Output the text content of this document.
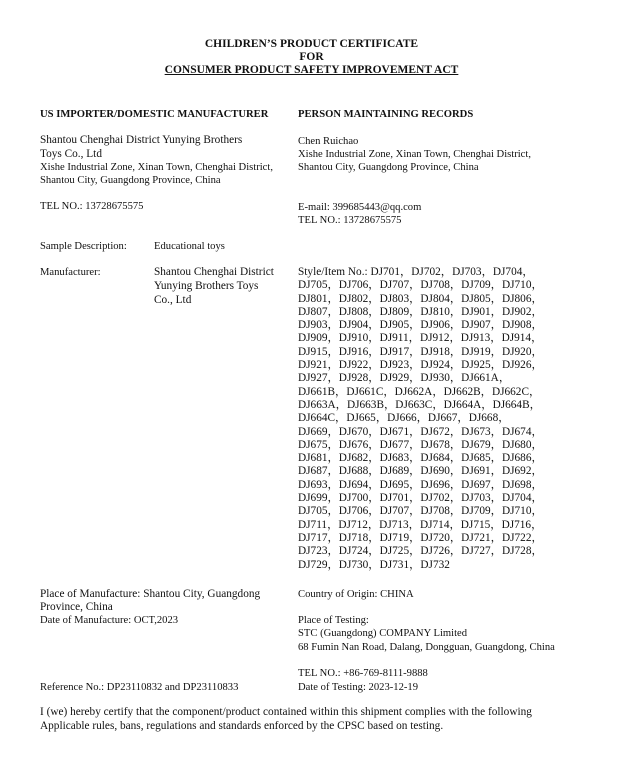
CHILDREN’S PRODUCT CERTIFICATE
FOR
CONSUMER PRODUCT SAFETY IMPROVEMENT ACT
US IMPORTER/DOMESTIC MANUFACTURER
Shantou Chenghai District Yunying Brothers
Toys Co., Ltd
Xishe Industrial Zone, Xinan Town, Chenghai District,
Shantou City, Guangdong Province, China
TEL NO.: 13728675575
PERSON MAINTAINING RECORDS
Chen Ruichao
Xishe Industrial Zone, Xinan Town, Chenghai District,
Shantou City, Guangdong Province, China
E-mail: 399685443@qq.com
TEL NO.: 13728675575
Sample Description:	Educational toys
Manufacturer:	Shantou Chenghai District
Yunying Brothers Toys
Co., Ltd
Style/Item No.: DJ701，DJ702，DJ703，DJ704，
DJ705，DJ706，DJ707，DJ708，DJ709，DJ710，
DJ801，DJ802，DJ803，DJ804，DJ805，DJ806，
DJ807，DJ808，DJ809，DJ810，DJ901，DJ902，
DJ903，DJ904，DJ905，DJ906，DJ907，DJ908，
DJ909，DJ910，DJ911，DJ912，DJ913，DJ914，
DJ915，DJ916，DJ917，DJ918，DJ919，DJ920，
DJ921，DJ922，DJ923，DJ924，DJ925，DJ926，
DJ927，DJ928，DJ929，DJ930，DJ661A，
DJ661B，DJ661C，DJ662A，DJ662B，DJ662C，
DJ663A，DJ663B，DJ663C，DJ664A，DJ664B，
DJ664C，DJ665，DJ666，DJ667，DJ668，
DJ669，DJ670，DJ671，DJ672，DJ673，DJ674，
DJ675，DJ676，DJ677，DJ678，DJ679，DJ680，
DJ681，DJ682，DJ683，DJ684，DJ685，DJ686，
DJ687，DJ688，DJ689，DJ690，DJ691，DJ692，
DJ693，DJ694，DJ695，DJ696，DJ697，DJ698，
DJ699，DJ700，DJ701，DJ702，DJ703，DJ704，
DJ705，DJ706，DJ707，DJ708，DJ709，DJ710，
DJ711，DJ712，DJ713，DJ714，DJ715，DJ716，
DJ717，DJ718，DJ719，DJ720，DJ721，DJ722，
DJ723，DJ724，DJ725，DJ726，DJ727，DJ728，
DJ729，DJ730，DJ731，DJ732
Place of Manufacture: Shantou City, Guangdong
Province, China
Date of Manufacture: OCT,2023
Country of Origin: CHINA
Place of Testing:
STC (Guangdong) COMPANY Limited
68 Fumin Nan Road, Dalang, Dongguan, Guangdong, China
TEL NO.: +86-769-8111-9888
Date of Testing: 2023-12-19
Reference No.: DP23110832 and DP23110833
I (we) hereby certify that the component/product contained within this shipment complies with the following
Applicable rules, bans, regulations and standards enforced by the CPSC based on testing.
